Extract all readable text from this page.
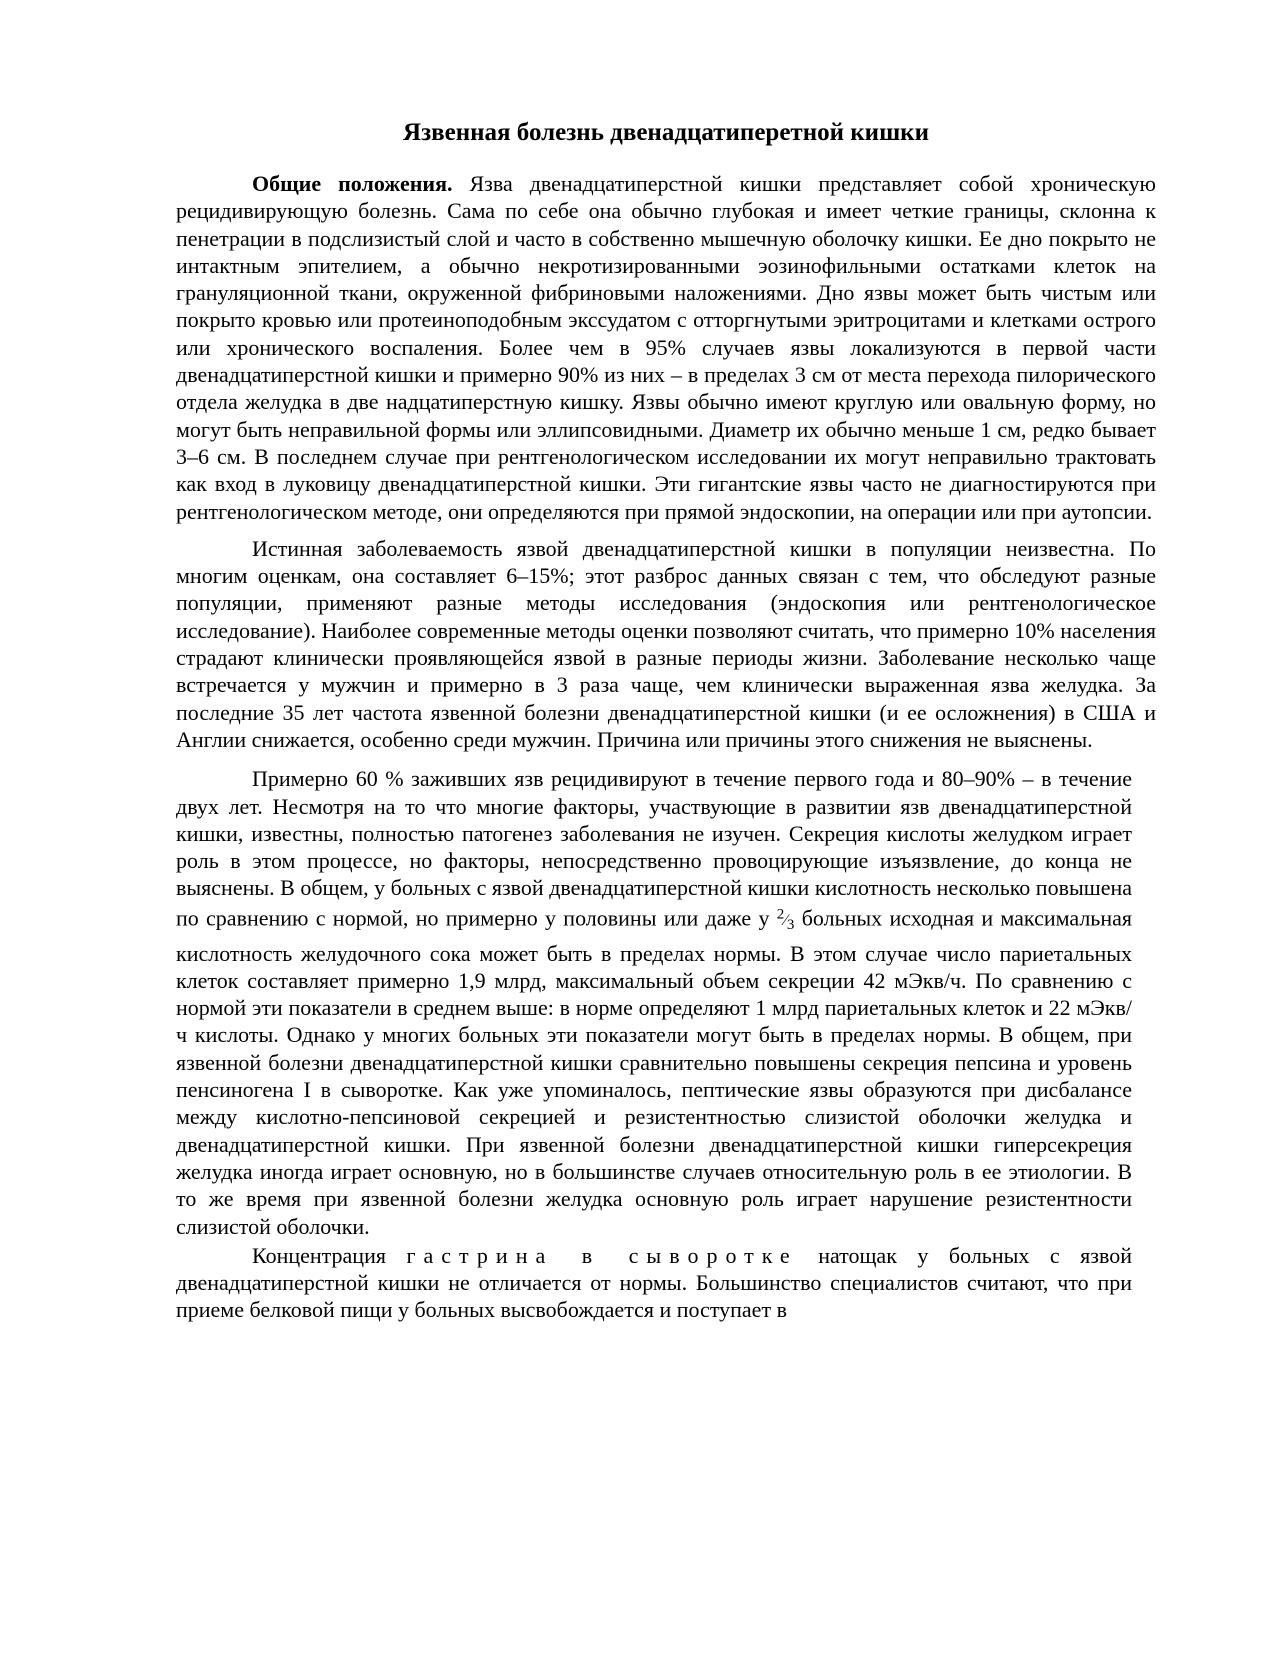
Язвенная болезнь двенадцатиперетной кишки

Общие положения. Язва двенадцатиперстной кишки представляет собой хроническую рецидивирующую болезнь. Сама по себе она обычно глубокая и имеет четкие границы, склонна к пенетрации в подслизистый слой и часто в собственно мышечную оболочку кишки. Ее дно покрыто не интактным эпителием, а обычно некротизированными эозинофильными остатками клеток на грануляционной ткани, окруженной фибриновыми наложениями. Дно язвы может быть чистым или покрыто кровью или протеиноподобным экссудатом с отторгнутыми эритроцитами и клетками острого или хронического воспаления. Более чем в 95% случаев язвы локализуются в первой части двенадцатиперстной кишки и примерно 90% из них – в пределах 3 см от места перехода пилорического отдела желудка в две надцатиперстную кишку. Язвы обычно имеют круглую или овальную форму, но могут быть неправильной формы или эллипсовидными. Диаметр их обычно меньше 1 см, редко бывает 3–6 см. В последнем случае при рентгенологическом исследовании их могут неправильно трактовать как вход в луковицу двенадцатиперстной кишки. Эти гигантские язвы часто не диагностируются при рентгенологическом методе, они определяются при прямой эндоскопии, на операции или при аутопсии.

Истинная заболеваемость язвой двенадцатиперстной кишки в популяции неизвестна. По многим оценкам, она составляет 6–15%; этот разброс данных связан с тем, что обследуют разные популяции, применяют разные методы исследования (эндоскопия или рентгенологическое исследование). Наиболее современные методы оценки позволяют считать, что примерно 10% населения страдают клинически проявляющейся язвой в разные периоды жизни. Заболевание несколько чаще встречается у мужчин и примерно в 3 раза чаще, чем клинически выраженная язва желудка. За последние 35 лет частота язвенной болезни двенадцатиперстной кишки (и ее осложнения) в США и Англии снижается, особенно среди мужчин. Причина или причины этого снижения не выяснены.

Примерно 60 % заживших язв рецидивируют в течение первого года и 80–90% – в течение двух лет. Несмотря на то что многие факторы, участвующие в развитии язв двенадцатиперстной кишки, известны, полностью патогенез заболевания не изучен. Секреция кислоты желудком играет роль в этом процессе, но факторы, непосредственно провоцирующие изъязвление, до конца не выяснены. В общем, у больных с язвой двенадцатиперстной кишки кислотность несколько повышена по сравнению с нормой, но примерно у половины или даже у $^2⁄_3$ больных исходная и максимальная кислотность желудочного сока может быть в пределах нормы. В этом случае число париетальных клеток составляет примерно 1,9 млрд, максимальный объем секреции 42 мЭкв/ч. По сравнению с нормой эти показатели в среднем выше: в норме определяют 1 млрд париетальных клеток и 22 мЭкв/ч кислоты. Однако у многих больных эти показатели могут быть в пределах нормы. В общем, при язвенной болезни двенадцатиперстной кишки сравнительно повышены секреция пепсина и уровень пенсиногена I в сыворотке. Как уже упоминалось, пептические язвы образуются при дисбалансе между кислотно-пепсиновой секрецией и резистентностью слизистой оболочки желудка и двенадцатиперстной кишки. При язвенной болезни двенадцатиперстной кишки гиперсекреция желудка иногда играет основную, но в большинстве случаев относительную роль в ее этиологии. В то же время при язвенной болезни желудка основную роль играет нарушение резистентности слизистой оболочки.

Концентрация гастрина в сыворотке натощак у больных с язвой двенадцатиперстной кишки не отличается от нормы. Большинство специалистов считают, что при приеме белковой пищи у больных высвобождается и поступает в
